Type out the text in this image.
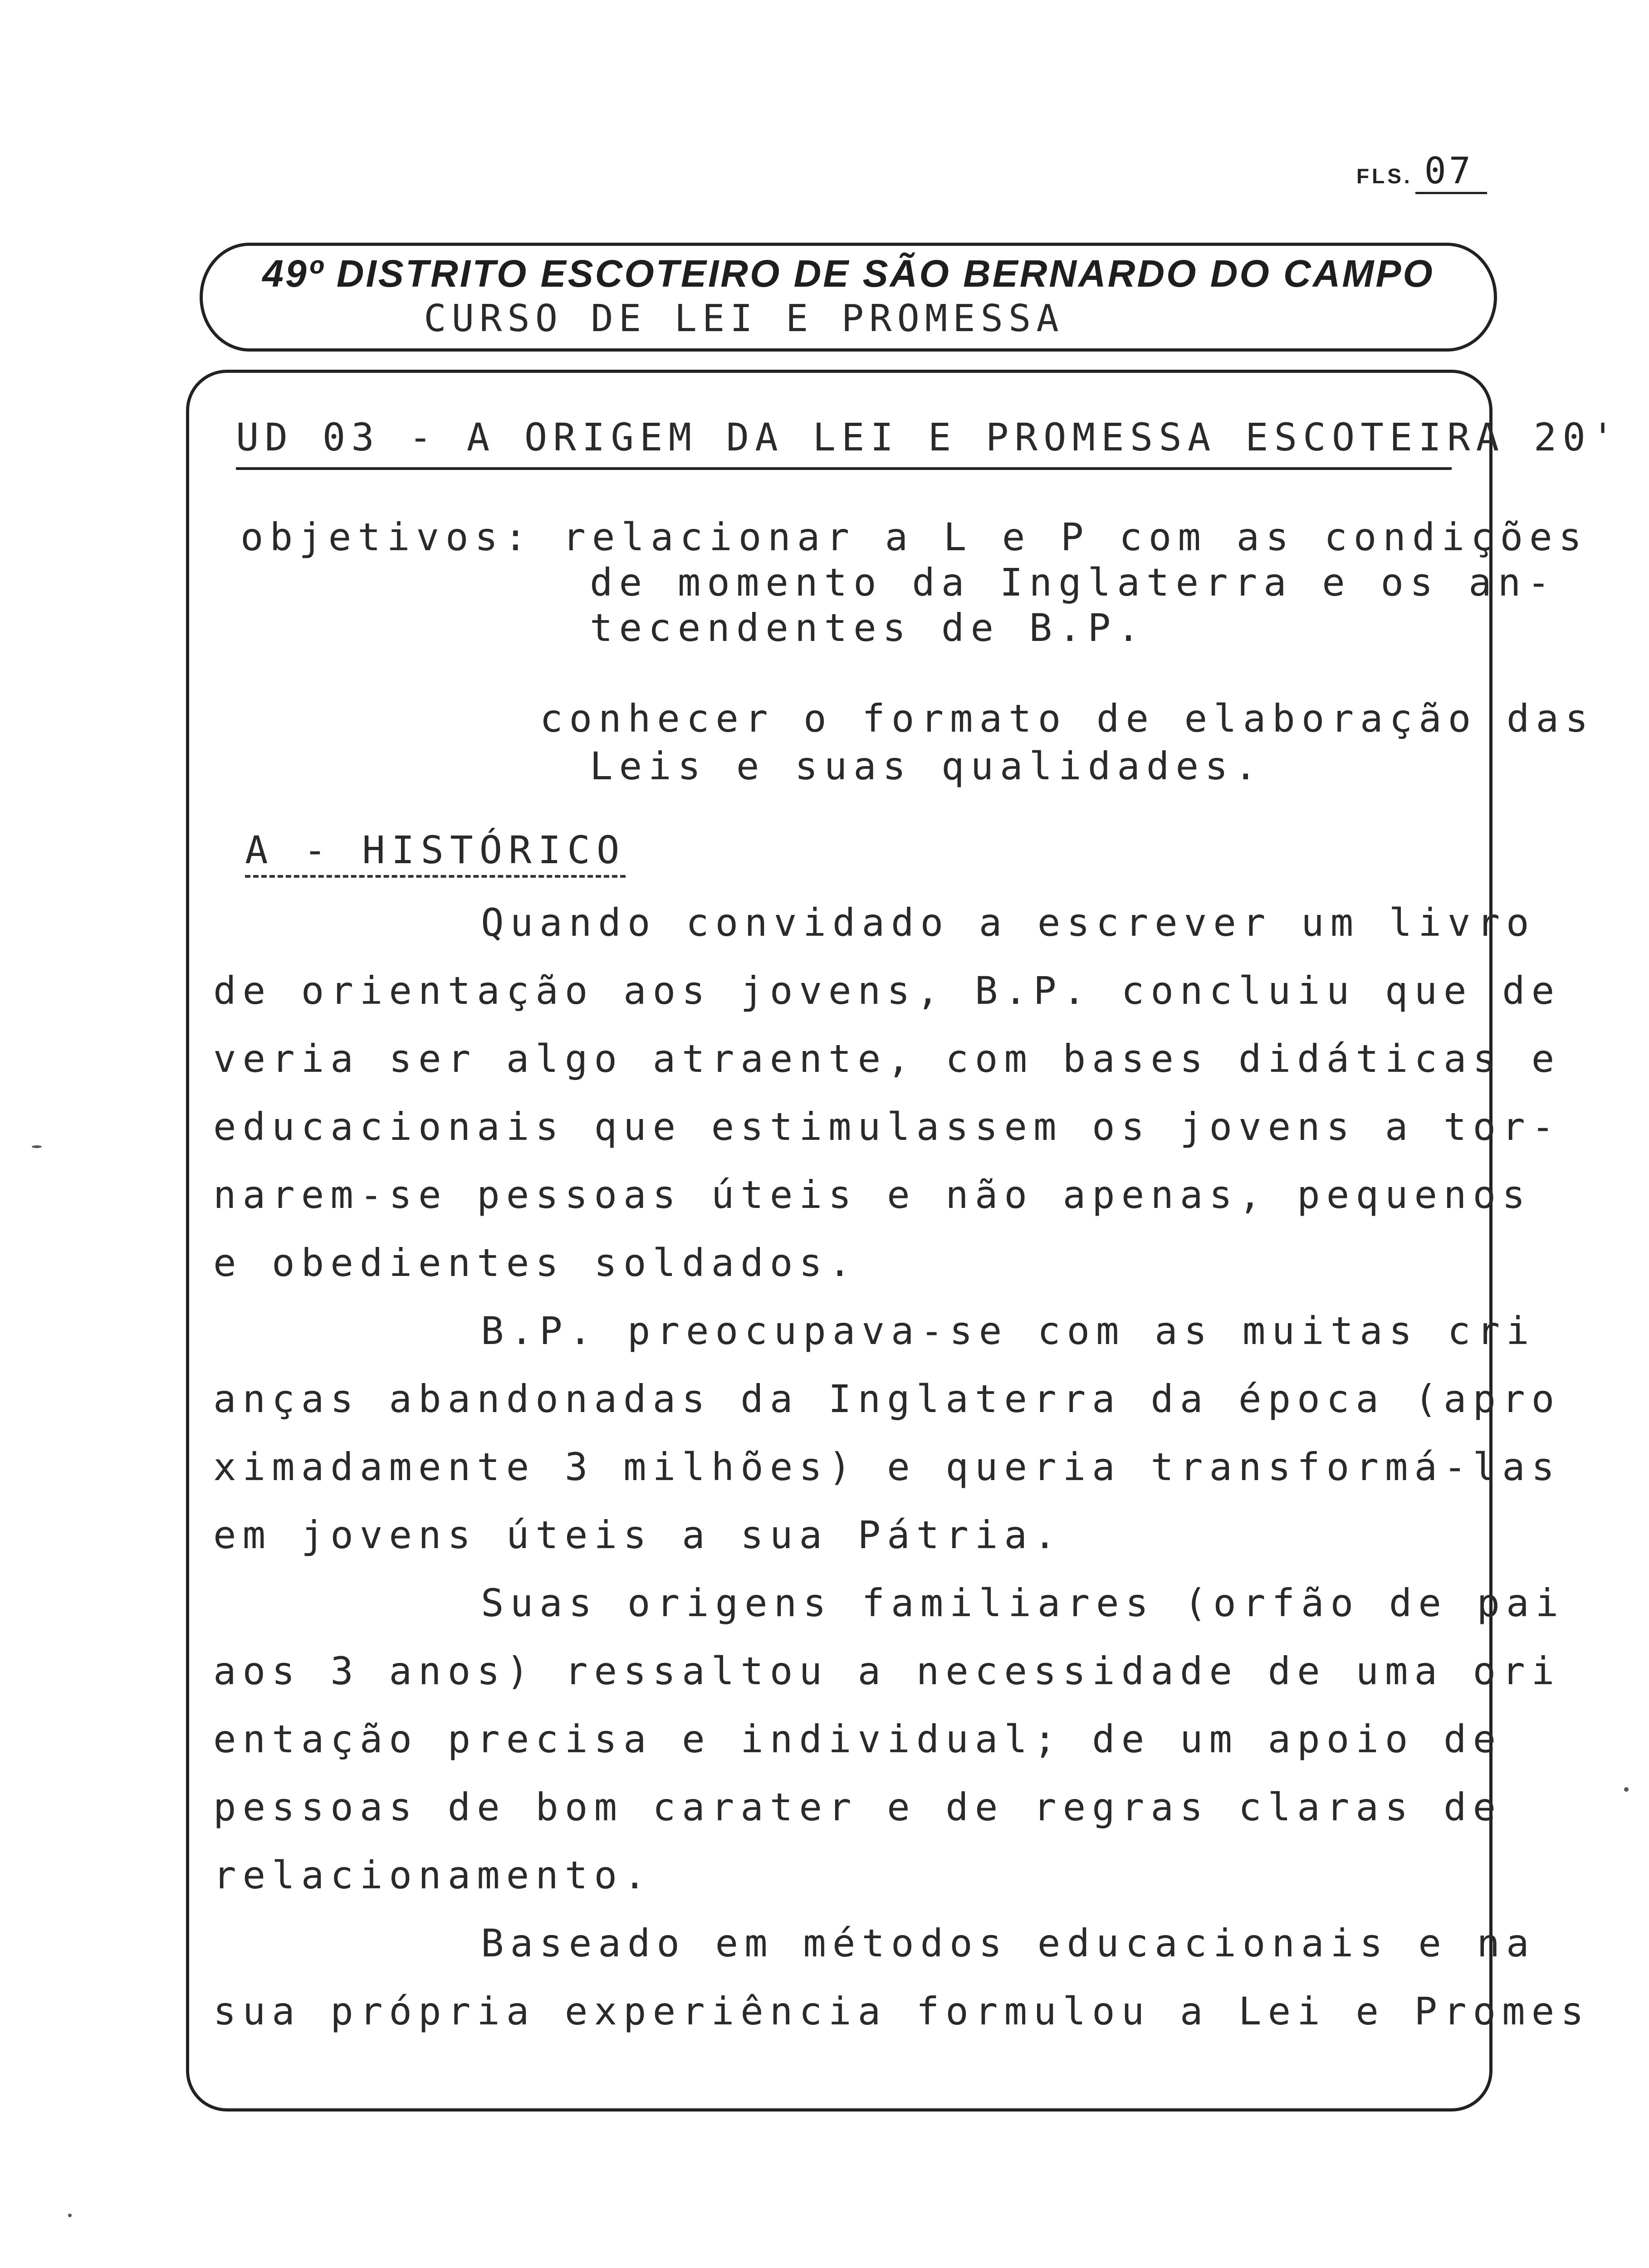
FLS. 07
49º DISTRITO ESCOTEIRO DE SÃO BERNARDO DO CAMPO
CURSO DE LEI E PROMESSA
UD 03 - A ORIGEM DA LEI E PROMESSA ESCOTEIRA 20'
objetivos: relacionar a L e P com as condições
de momento da Inglaterra e os an-
tecendentes de B.P.
conhecer o formato de elaboração das
Leis e suas qualidades.
A - HISTÓRICO
Quando convidado a escrever um livro
de orientação aos jovens, B.P. concluiu que de
veria ser algo atraente, com bases didáticas e
educacionais que estimulassem os jovens a tor-
narem-se pessoas úteis e não apenas, pequenos
e obedientes soldados.
B.P. preocupava-se com as muitas cri
anças abandonadas da Inglaterra da época (apro
ximadamente 3 milhões) e queria transformá-las
em jovens úteis a sua Pátria.
Suas origens familiares (orfão de pai
aos 3 anos) ressaltou a necessidade de uma ori
entação precisa e individual; de um apoio de
pessoas de bom carater e de regras claras de
relacionamento.
Baseado em métodos educacionais e na
sua própria experiência formulou a Lei e Promes
